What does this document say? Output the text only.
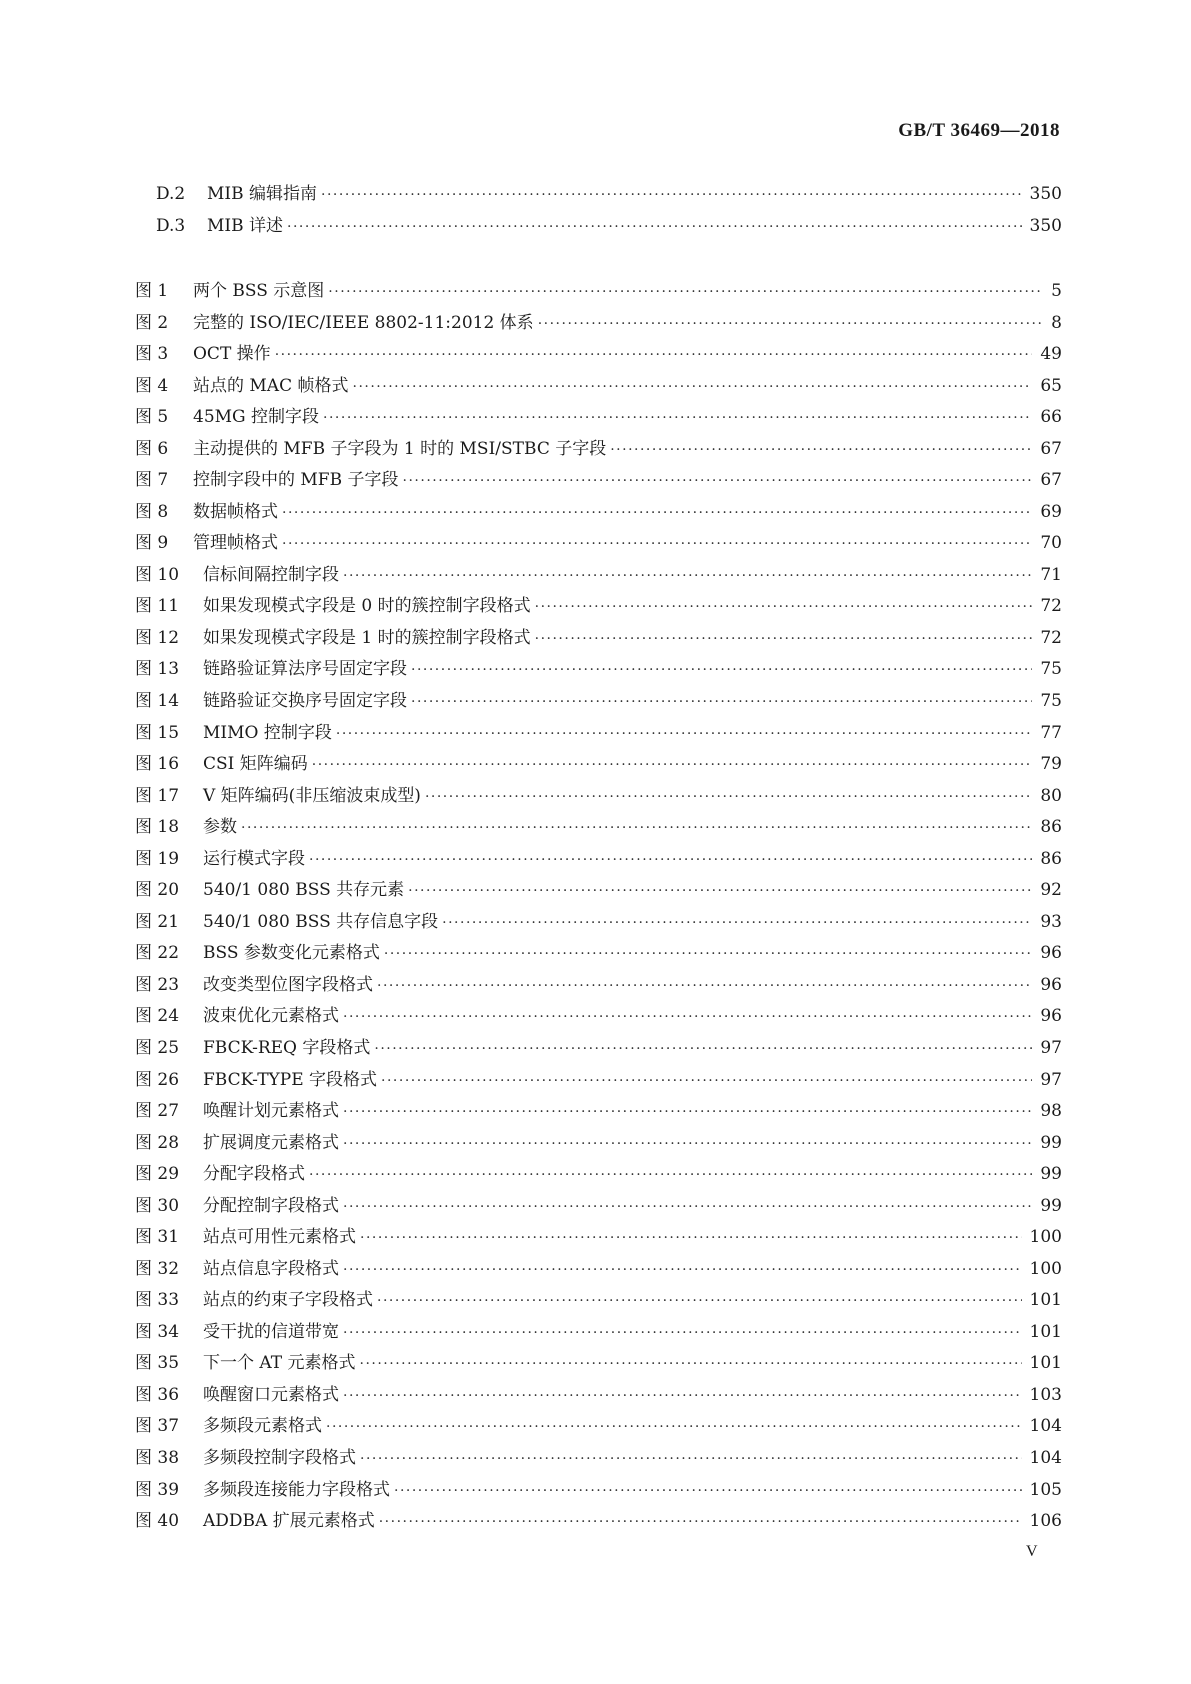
GB/T 36469—2018
D.2	MIB 编辑指南 ·····	350
D.3	MIB 详述 ·····	350
图 1	两个 BSS 示意图 ·····	5
图 2	完整的 ISO/IEC/IEEE 8802-11:2012 体系 ·····	8
图 3	OCT 操作 ·····	49
图 4	站点的 MAC 帧格式 ·····	65
图 5	45MG 控制字段 ·····	66
图 6	主动提供的 MFB 子字段为 1 时的 MSI/STBC 子字段 ·····	67
图 7	控制字段中的 MFB 子字段 ·····	67
图 8	数据帧格式 ·····	69
图 9	管理帧格式 ·····	70
图 10	信标间隔控制字段 ·····	71
图 11	如果发现模式字段是 0 时的簇控制字段格式 ·····	72
图 12	如果发现模式字段是 1 时的簇控制字段格式 ·····	72
图 13	链路验证算法序号固定字段 ·····	75
图 14	链路验证交换序号固定字段 ·····	75
图 15	MIMO 控制字段 ·····	77
图 16	CSI 矩阵编码 ·····	79
图 17	V 矩阵编码(非压缩波束成型) ·····	80
图 18	参数 ·····	86
图 19	运行模式字段 ·····	86
图 20	540/1 080 BSS 共存元素 ·····	92
图 21	540/1 080 BSS 共存信息字段 ·····	93
图 22	BSS 参数变化元素格式 ·····	96
图 23	改变类型位图字段格式 ·····	96
图 24	波束优化元素格式 ·····	96
图 25	FBCK-REQ 字段格式 ·····	97
图 26	FBCK-TYPE 字段格式 ·····	97
图 27	唤醒计划元素格式 ·····	98
图 28	扩展调度元素格式 ·····	99
图 29	分配字段格式 ·····	99
图 30	分配控制字段格式 ·····	99
图 31	站点可用性元素格式 ·····	100
图 32	站点信息字段格式 ·····	100
图 33	站点的约束子字段格式 ·····	101
图 34	受干扰的信道带宽 ·····	101
图 35	下一个 AT 元素格式 ·····	101
图 36	唤醒窗口元素格式 ·····	103
图 37	多频段元素格式 ·····	104
图 38	多频段控制字段格式 ·····	104
图 39	多频段连接能力字段格式 ·····	105
图 40	ADDBA 扩展元素格式 ·····	106
V
